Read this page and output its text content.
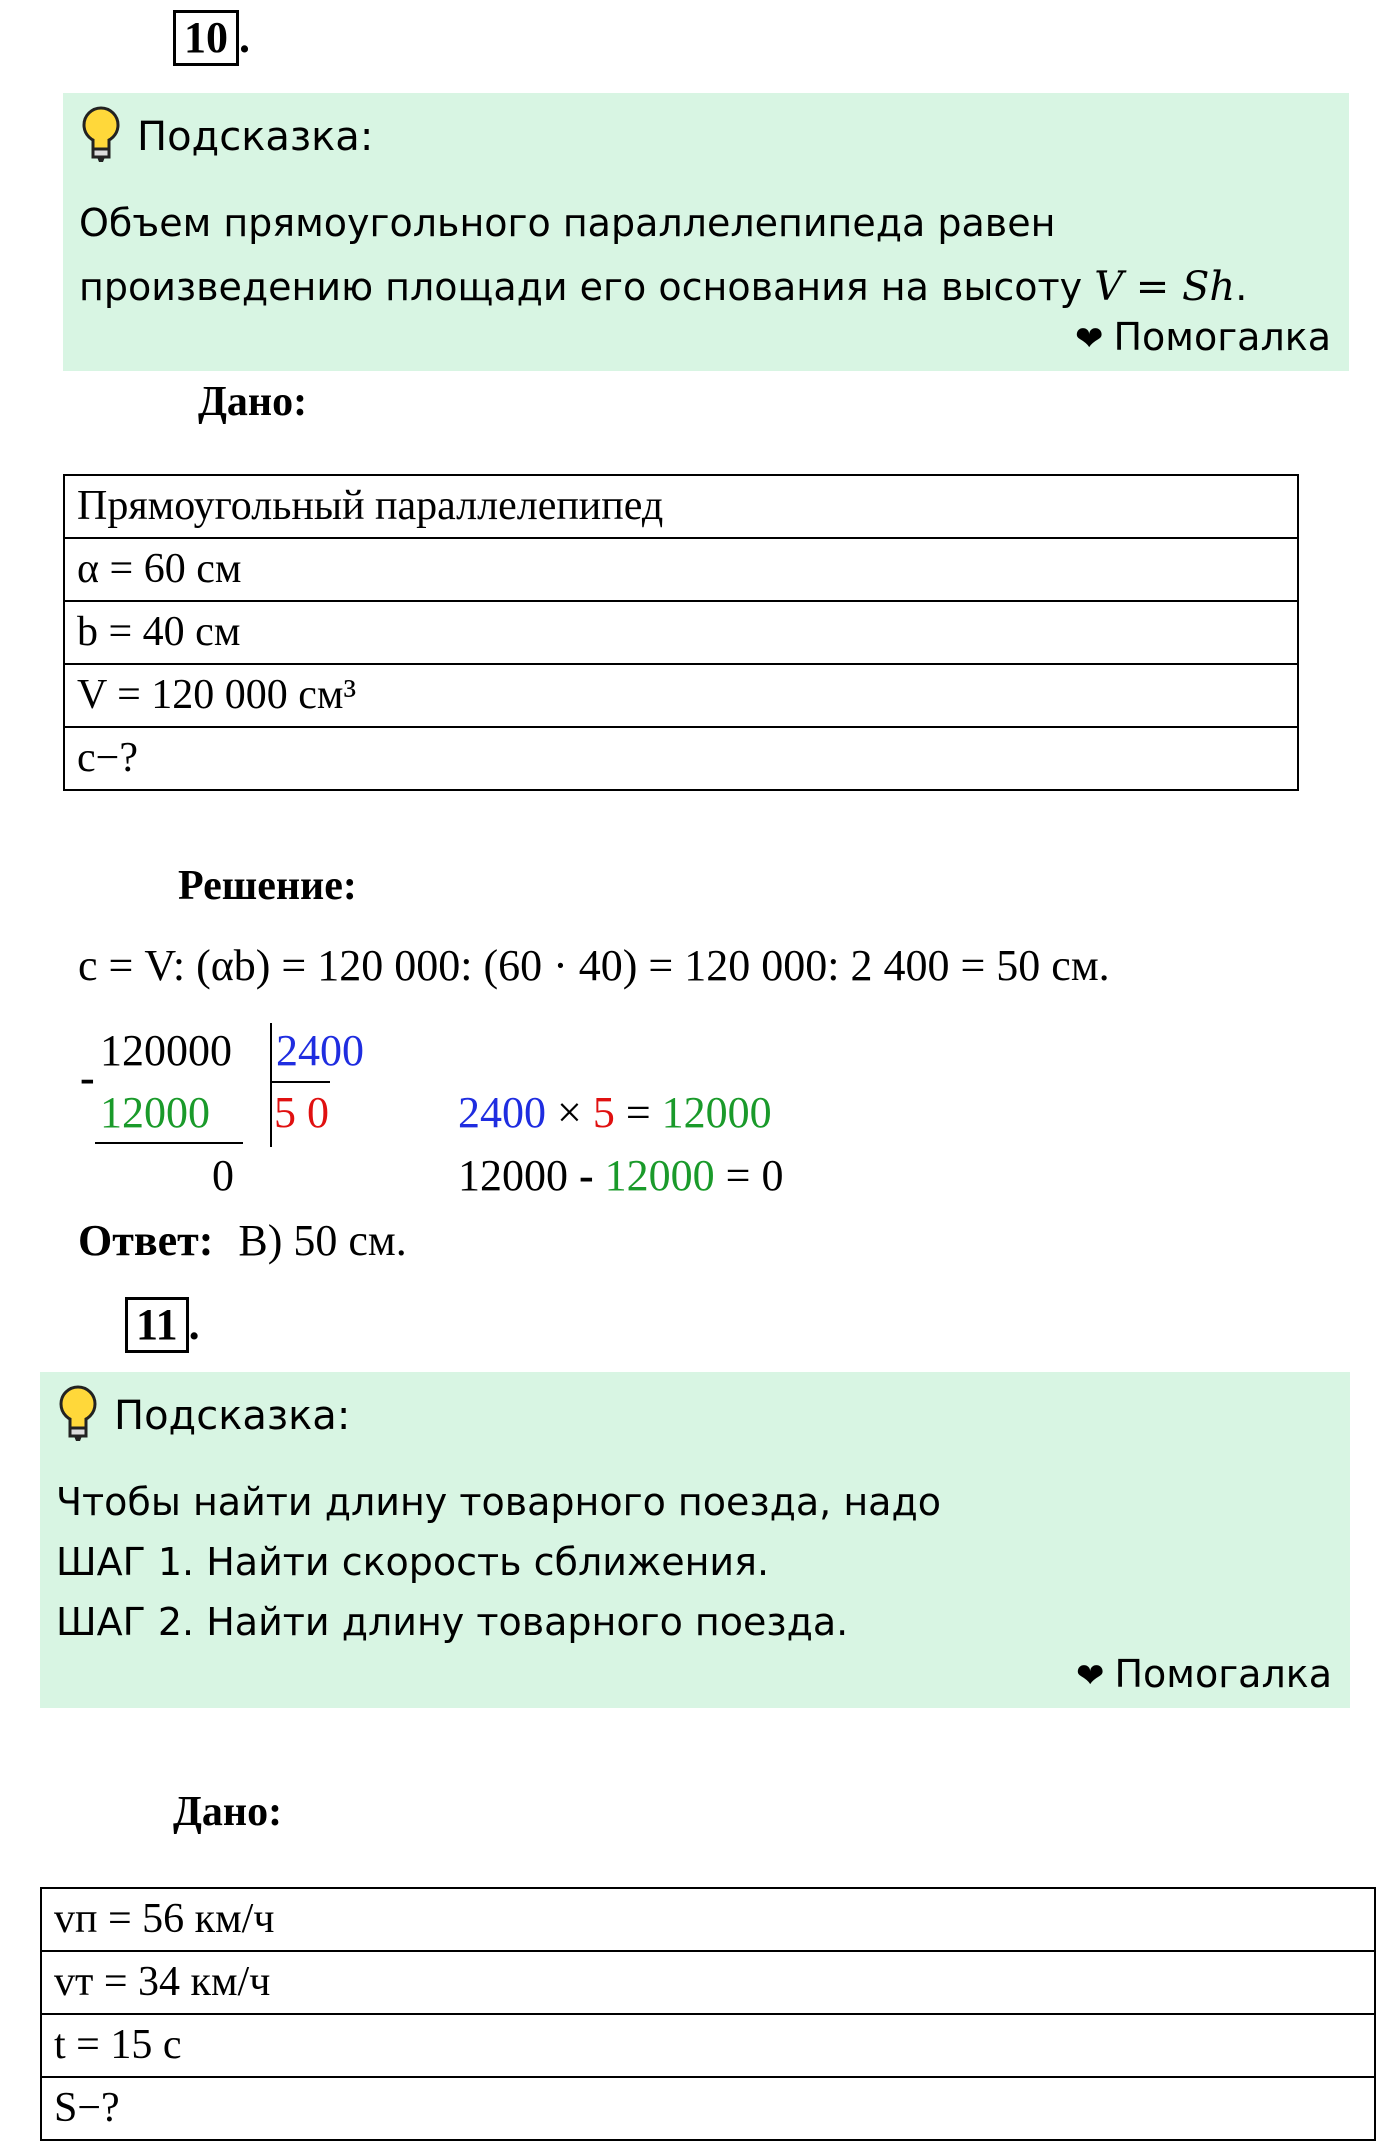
10 .
Подсказка:
Объем прямоугольного параллелепипеда равен
произведению площади его основания на высоту V = Sh.
❤ Помогалка
Дано:
Прямоугольный параллелепипед
α = 60 см
b = 40 см
V = 120 000 см³
с−?
Решение:
с = V: (αb) = 120 000: (60 · 40) = 120 000: 2 400 = 50 см.
120000 2400
-
12000 5 0
0
2400 × 5 = 12000
12000 - 12000 = 0
Ответ: В) 50 см.
11 .
Подсказка:
Чтобы найти длину товарного поезда, надо
ШАГ 1. Найти скорость сближения.
ШАГ 2. Найти длину товарного поезда.
❤ Помогалка
Дано:
vп = 56 км/ч
vт = 34 км/ч
t = 15 с
S−?
